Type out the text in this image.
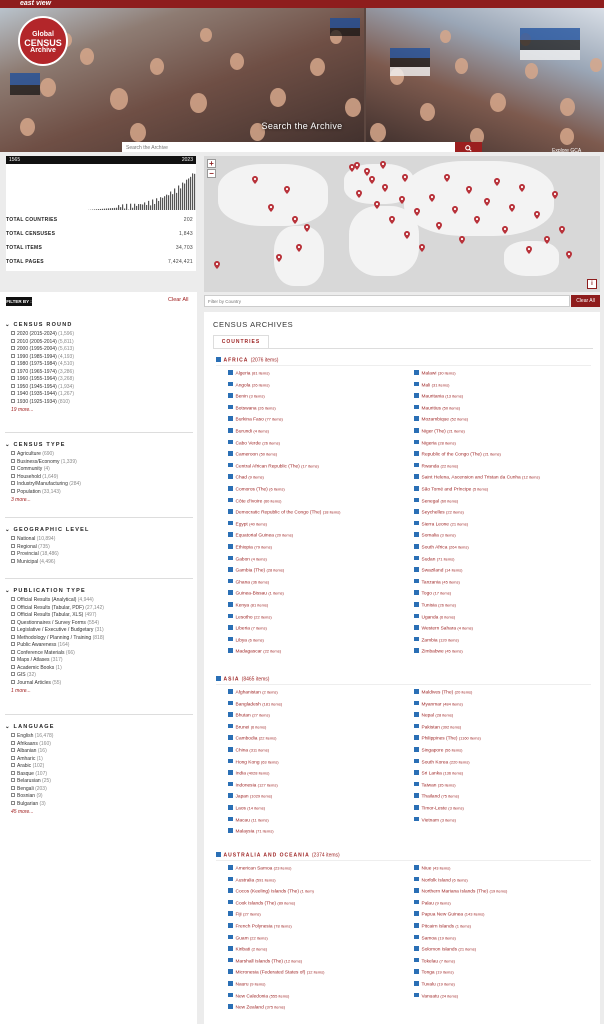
east view
Global
CENSUS
Archive
Search the Archive
Search the Archive
Explore GCA
1565	2023
TOTAL COUNTRIES	202
TOTAL CENSUSES	1,843
TOTAL ITEMS	34,703
TOTAL PAGES	7,424,421
+
−
i
Filter by Country
Clear All
FILTER BY :	Clear All
⌄ CENSUS ROUND
2020 (2015-2024) (1,596)
2010 (2005-2014) (5,811)
2000 (1995-2004) (5,613)
1990 (1985-1994) (4,193)
1980 (1975-1984) (4,510)
1970 (1965-1974) (3,286)
1960 (1955-1964) (3,268)
1950 (1945-1954) (1,934)
1940 (1935-1944) (1,267)
1930 (1925-1934) (810)
19 more...
⌄ CENSUS TYPE
Agriculture (690)
Business/Economy (1,339)
Community (4)
Household (1,649)
Industry/Manufacturing (284)
Population (33,143)
3 more...
⌄ GEOGRAPHIC LEVEL
National (10,894)
Regional (735)
Provincial (18,486)
Municipal (4,496)
⌄ PUBLICATION TYPE
Official Results (Analytical) (4,944)
Official Results (Tabular, PDF) (27,142)
Official Results (Tabular, XLS) (497)
Questionnaires / Survey Forms (554)
Legislative / Executive / Budgetary (31)
Methodology / Planning / Training (818)
Public Awareness (164)
Conference Materials (66)
Maps / Atlases (317)
Academic Books (1)
GIS (32)
Journal Articles (55)
1 more...
⌄ LANGUAGE
English (16,478)
Afrikaans (160)
Albanian (16)
Amharic (1)
Arabic (102)
Basque (107)
Belarusian (25)
Bengali (203)
Bosnian (9)
Bulgarian (3)
45 more...
CENSUS ARCHIVES
COUNTRIES
AFRICA (2076 items)
Algeria (81 items)
Angola (26 items)
Benin (3 items)
Botswana (26 items)
Burkina Faso (77 items)
Burundi (4 items)
Cabo Verde (26 items)
Cameroon (50 items)
Central African Republic (The) (17 items)
Chad (9 items)
Comoros (The) (6 items)
Côte d'Ivoire (60 items)
Democratic Republic of the Congo (The) (18 items)
Egypt (40 items)
Equatorial Guinea (20 items)
Ethiopia (79 items)
Gabon (4 items)
Gambia (The) (28 items)
Ghana (36 items)
Guinea-Bissau (1 items)
Kenya (81 items)
Lesotho (22 items)
Liberia (7 items)
Libya (6 items)
Madagascar (22 items)
Malawi (30 items)
Mali (31 items)
Mauritania (13 items)
Mauritius (50 items)
Mozambique (52 items)
Niger (The) (21 items)
Nigeria (28 items)
Republic of the Congo (The) (21 items)
Rwanda (22 items)
Saint Helena, Ascension and Tristan da Cunha (12 items)
São Tomé and Príncipe (5 items)
Senegal (60 items)
Seychelles (22 items)
Sierra Leone (21 items)
Somalia (3 items)
South Africa (264 items)
Sudan (71 items)
Swaziland (14 items)
Tanzania (45 items)
Togo (17 items)
Tunisia (26 items)
Uganda (6 items)
Western Sahara (4 items)
Zambia (120 items)
Zimbabwe (45 items)
ASIA (8465 items)
Afghanistan (2 items)
Bangladesh (181 items)
Bhutan (27 items)
Brunei (6 items)
Cambodia (22 items)
China (311 items)
Hong Kong (63 items)
India (4028 items)
Indonesia (127 items)
Japan (1029 items)
Laos (14 items)
Macau (11 items)
Malaysia (71 items)
Maldives (The) (20 items)
Myanmar (484 items)
Nepal (28 items)
Pakistan (392 items)
Philippines (The) (1160 items)
Singapore (56 items)
South Korea (220 items)
Sri Lanka (136 items)
Taiwan (35 items)
Thailand (75 items)
Timor-Leste (3 items)
Vietnam (3 items)
AUSTRALIA AND OCEANIA (2374 items)
American Samoa (23 items)
Australia (591 items)
Cocos (Keeling) Islands (The) (1 item)
Cook Islands (The) (89 items)
Fiji (27 items)
French Polynesia (78 items)
Guam (22 items)
Kiribati (2 items)
Marshall Islands (The) (12 items)
Micronesia (Federated States of) (12 items)
Nauru (9 items)
New Caledonia (555 items)
New Zealand (375 items)
Niue (43 items)
Norfolk Island (6 items)
Northern Mariana Islands (The) (19 items)
Palau (9 items)
Papua New Guinea (143 items)
Pitcairn Islands (1 items)
Samoa (19 items)
Solomon Islands (21 items)
Tokelau (7 items)
Tonga (19 items)
Tuvalu (19 items)
Vanuatu (24 items)
